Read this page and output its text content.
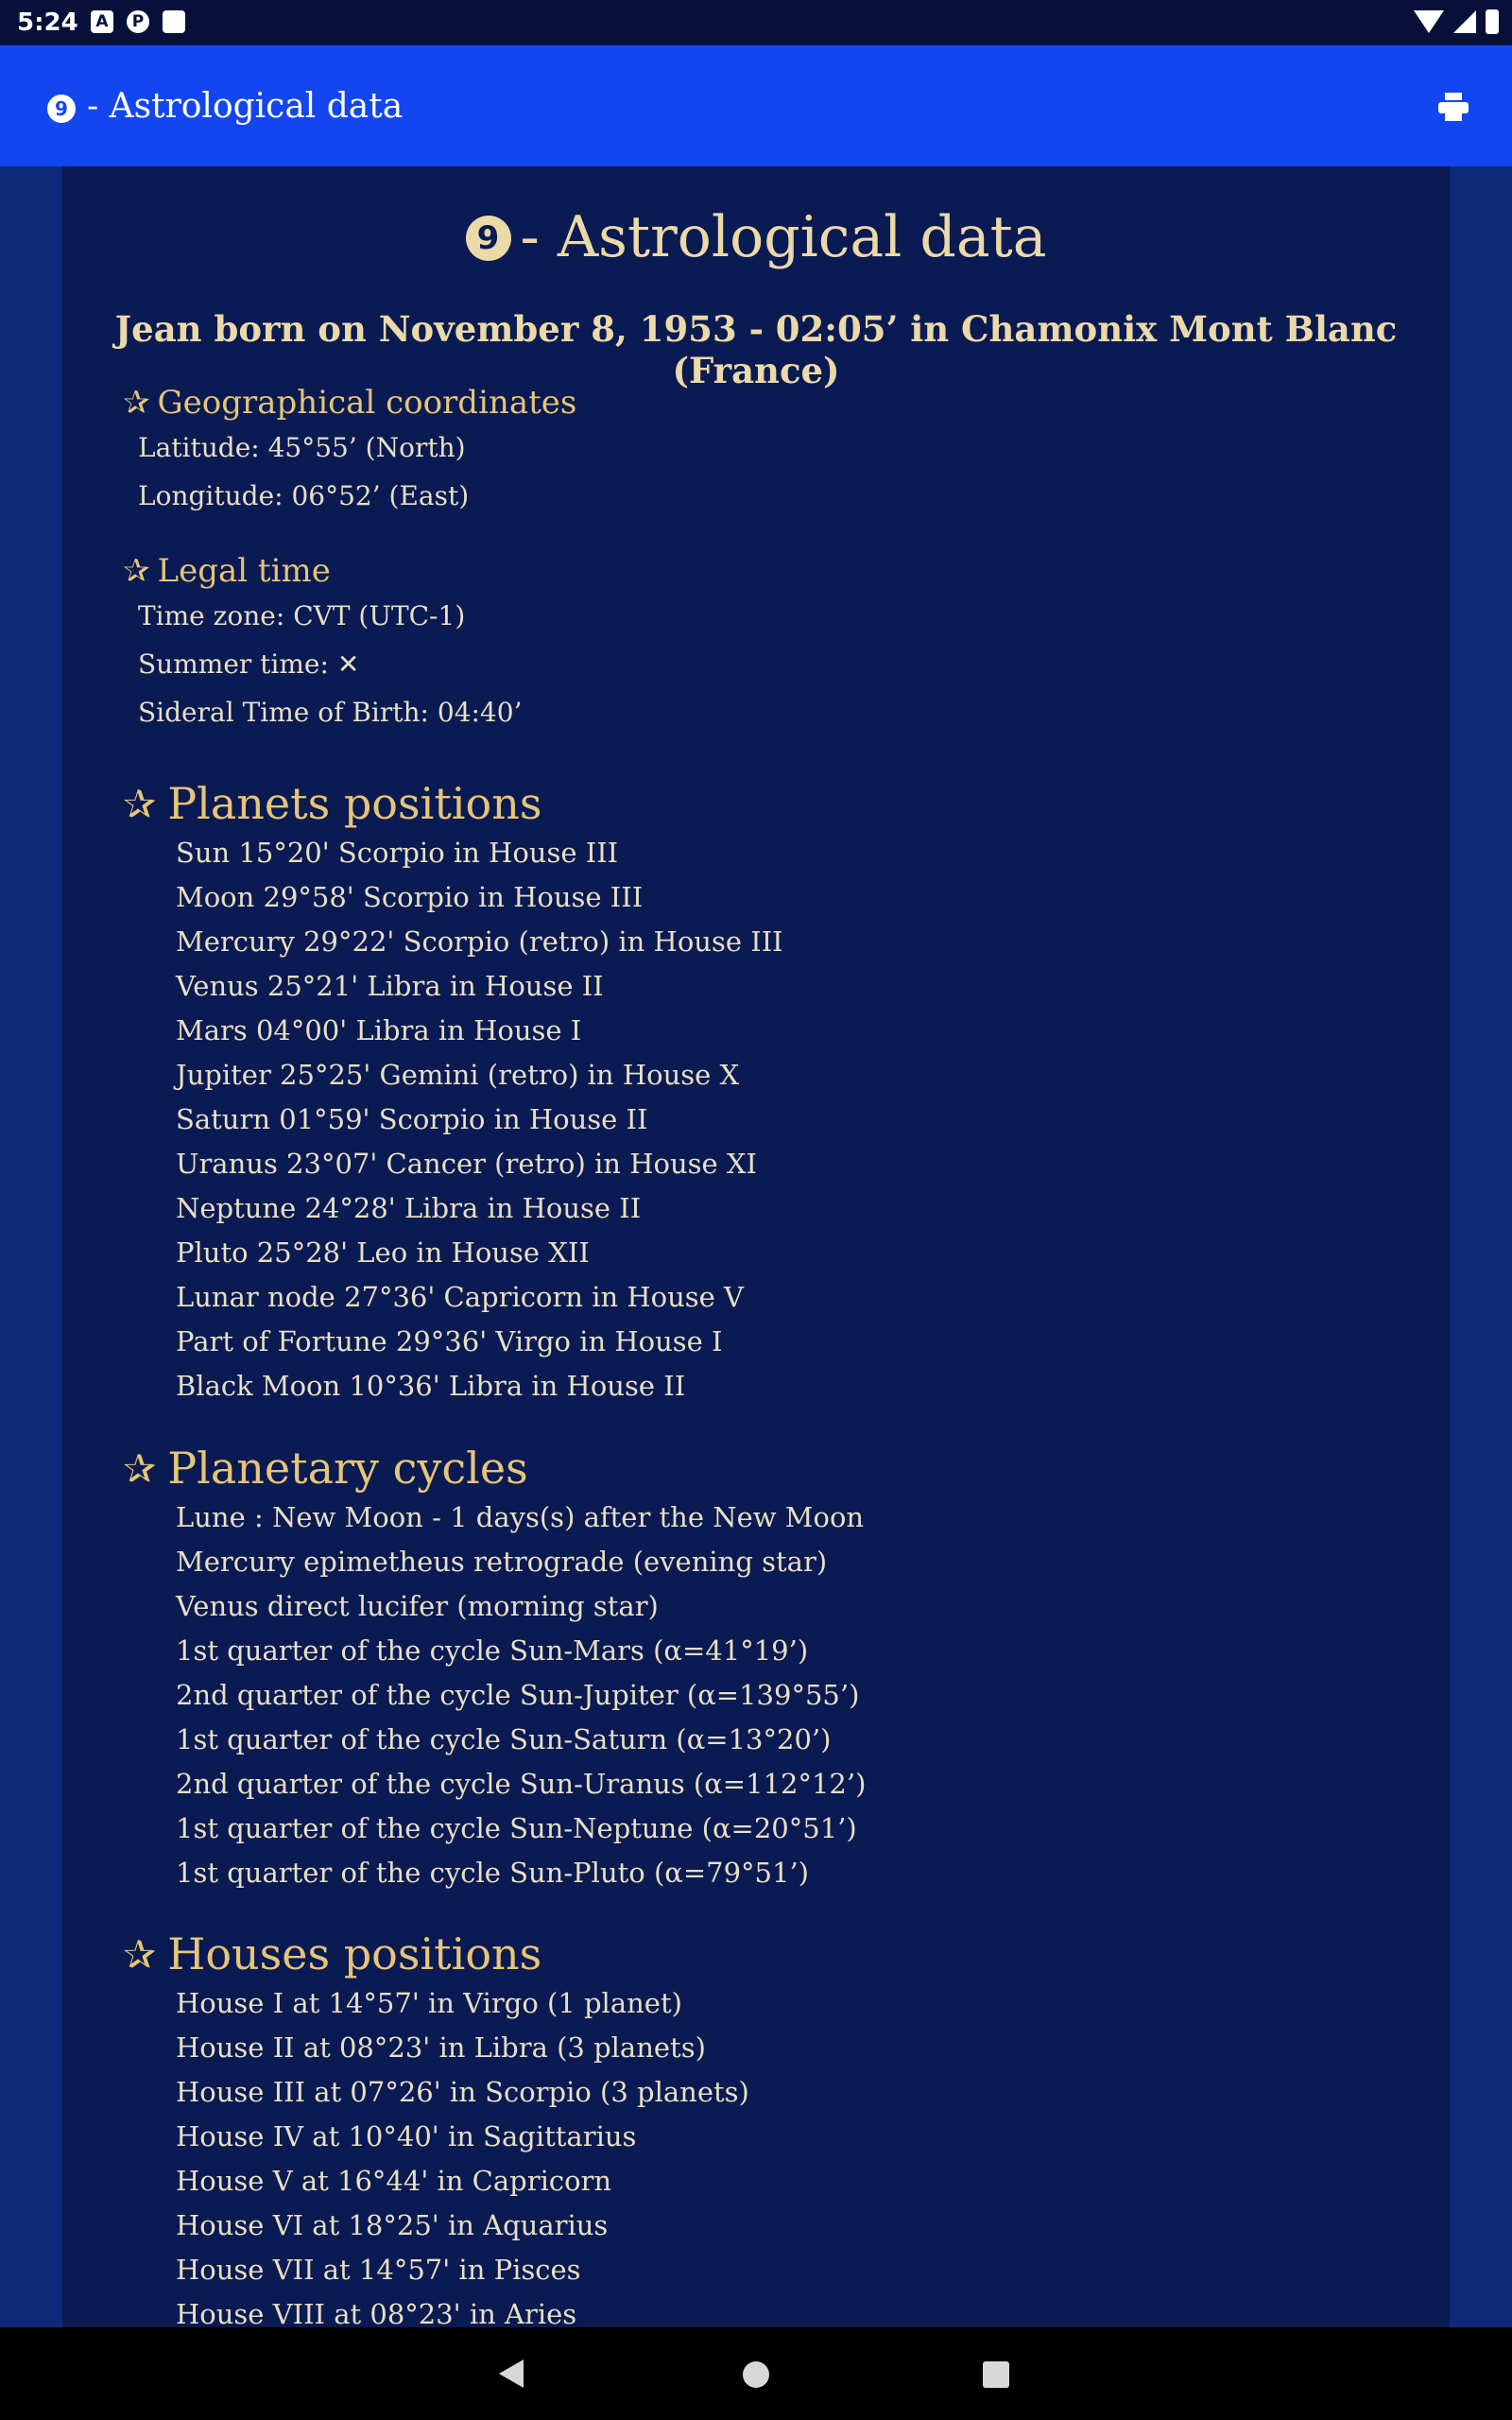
5:24	A	P
9 - Astrological data
9 - Astrological data
Jean born on November 8, 1953 - 02:05’ in Chamonix Mont Blanc (France)
✰ Geographical coordinates
Latitude: 45°55’ (North)
Longitude: 06°52’ (East)
✰ Legal time
Time zone: CVT (UTC-1)
Summer time: ✕
Sideral Time of Birth: 04:40’
✰ Planets positions
Sun 15°20' Scorpio in House III
Moon 29°58' Scorpio in House III
Mercury 29°22' Scorpio (retro) in House III
Venus 25°21' Libra in House II
Mars 04°00' Libra in House I
Jupiter 25°25' Gemini (retro) in House X
Saturn 01°59' Scorpio in House II
Uranus 23°07' Cancer (retro) in House XI
Neptune 24°28' Libra in House II
Pluto 25°28' Leo in House XII
Lunar node 27°36' Capricorn in House V
Part of Fortune 29°36' Virgo in House I
Black Moon 10°36' Libra in House II
✰ Planetary cycles
Lune : New Moon - 1 days(s) after the New Moon
Mercury epimetheus retrograde (evening star)
Venus direct lucifer (morning star)
1st quarter of the cycle Sun-Mars (α=41°19’)
2nd quarter of the cycle Sun-Jupiter (α=139°55’)
1st quarter of the cycle Sun-Saturn (α=13°20’)
2nd quarter of the cycle Sun-Uranus (α=112°12’)
1st quarter of the cycle Sun-Neptune (α=20°51’)
1st quarter of the cycle Sun-Pluto (α=79°51’)
✰ Houses positions
House I at 14°57' in Virgo (1 planet)
House II at 08°23' in Libra (3 planets)
House III at 07°26' in Scorpio (3 planets)
House IV at 10°40' in Sagittarius
House V at 16°44' in Capricorn
House VI at 18°25' in Aquarius
House VII at 14°57' in Pisces
House VIII at 08°23' in Aries
